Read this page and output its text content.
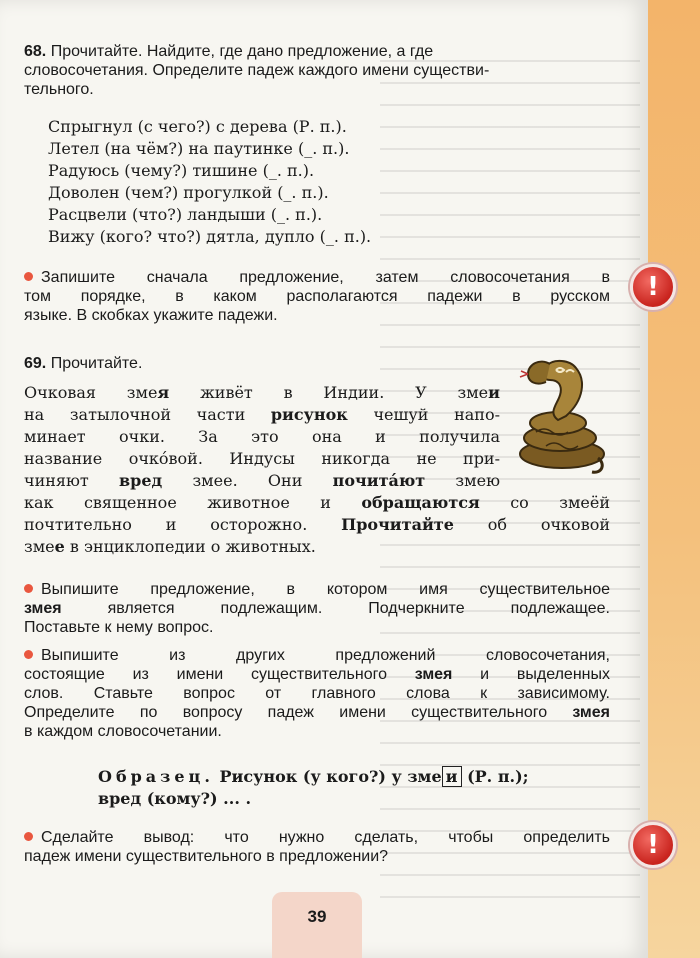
68. Прочитайте. Найдите, где дано предложение, а где
словосочетания. Определите падеж каждого имени существи-
тельного.
Спрыгнул (с чего?) с дерева (Р. п.).
Летел (на чём?) на паутинке (_. п.).
Радуюсь (чему?) тишине (_. п.).
Доволен (чем?) прогулкой (_. п.).
Расцвели (что?) ландыши (_. п.).
Вижу (кого? что?) дятла, дупло (_. п.).
Запишите сначала предложение, затем словосочетания в
том порядке, в каком располагаются падежи в русском
языке. В скобках укажите падежи.
!
69. Прочитайте.
Очковая змея живёт в Индии. У змеи
на затылочной части рисунок чешуй напо-
минает очки. За это она и получила
название очко́вой. Индусы никогда не при-
чиняют вред змее. Они почита́ют змею
как священное животное и обращаются со змеёй
почтительно и осторожно. Прочитайте об очковой
змее в энциклопедии о животных.
Выпишите предложение, в котором имя существительное
змея является подлежащим. Подчеркните подлежащее.
Поставьте к нему вопрос.
Выпишите из других предложений словосочетания,
состоящие из имени существительного змея и выделенных
слов. Ставьте вопрос от главного слова к зависимому.
Определите по вопросу падеж имени существительного змея
в каждом словосочетании.
Образец. Рисунок (у кого?) у зме и (Р. п.);
вред (кому?) ... .
Сделайте вывод: что нужно сделать, чтобы определить
падеж имени существительного в предложении?	!
39
